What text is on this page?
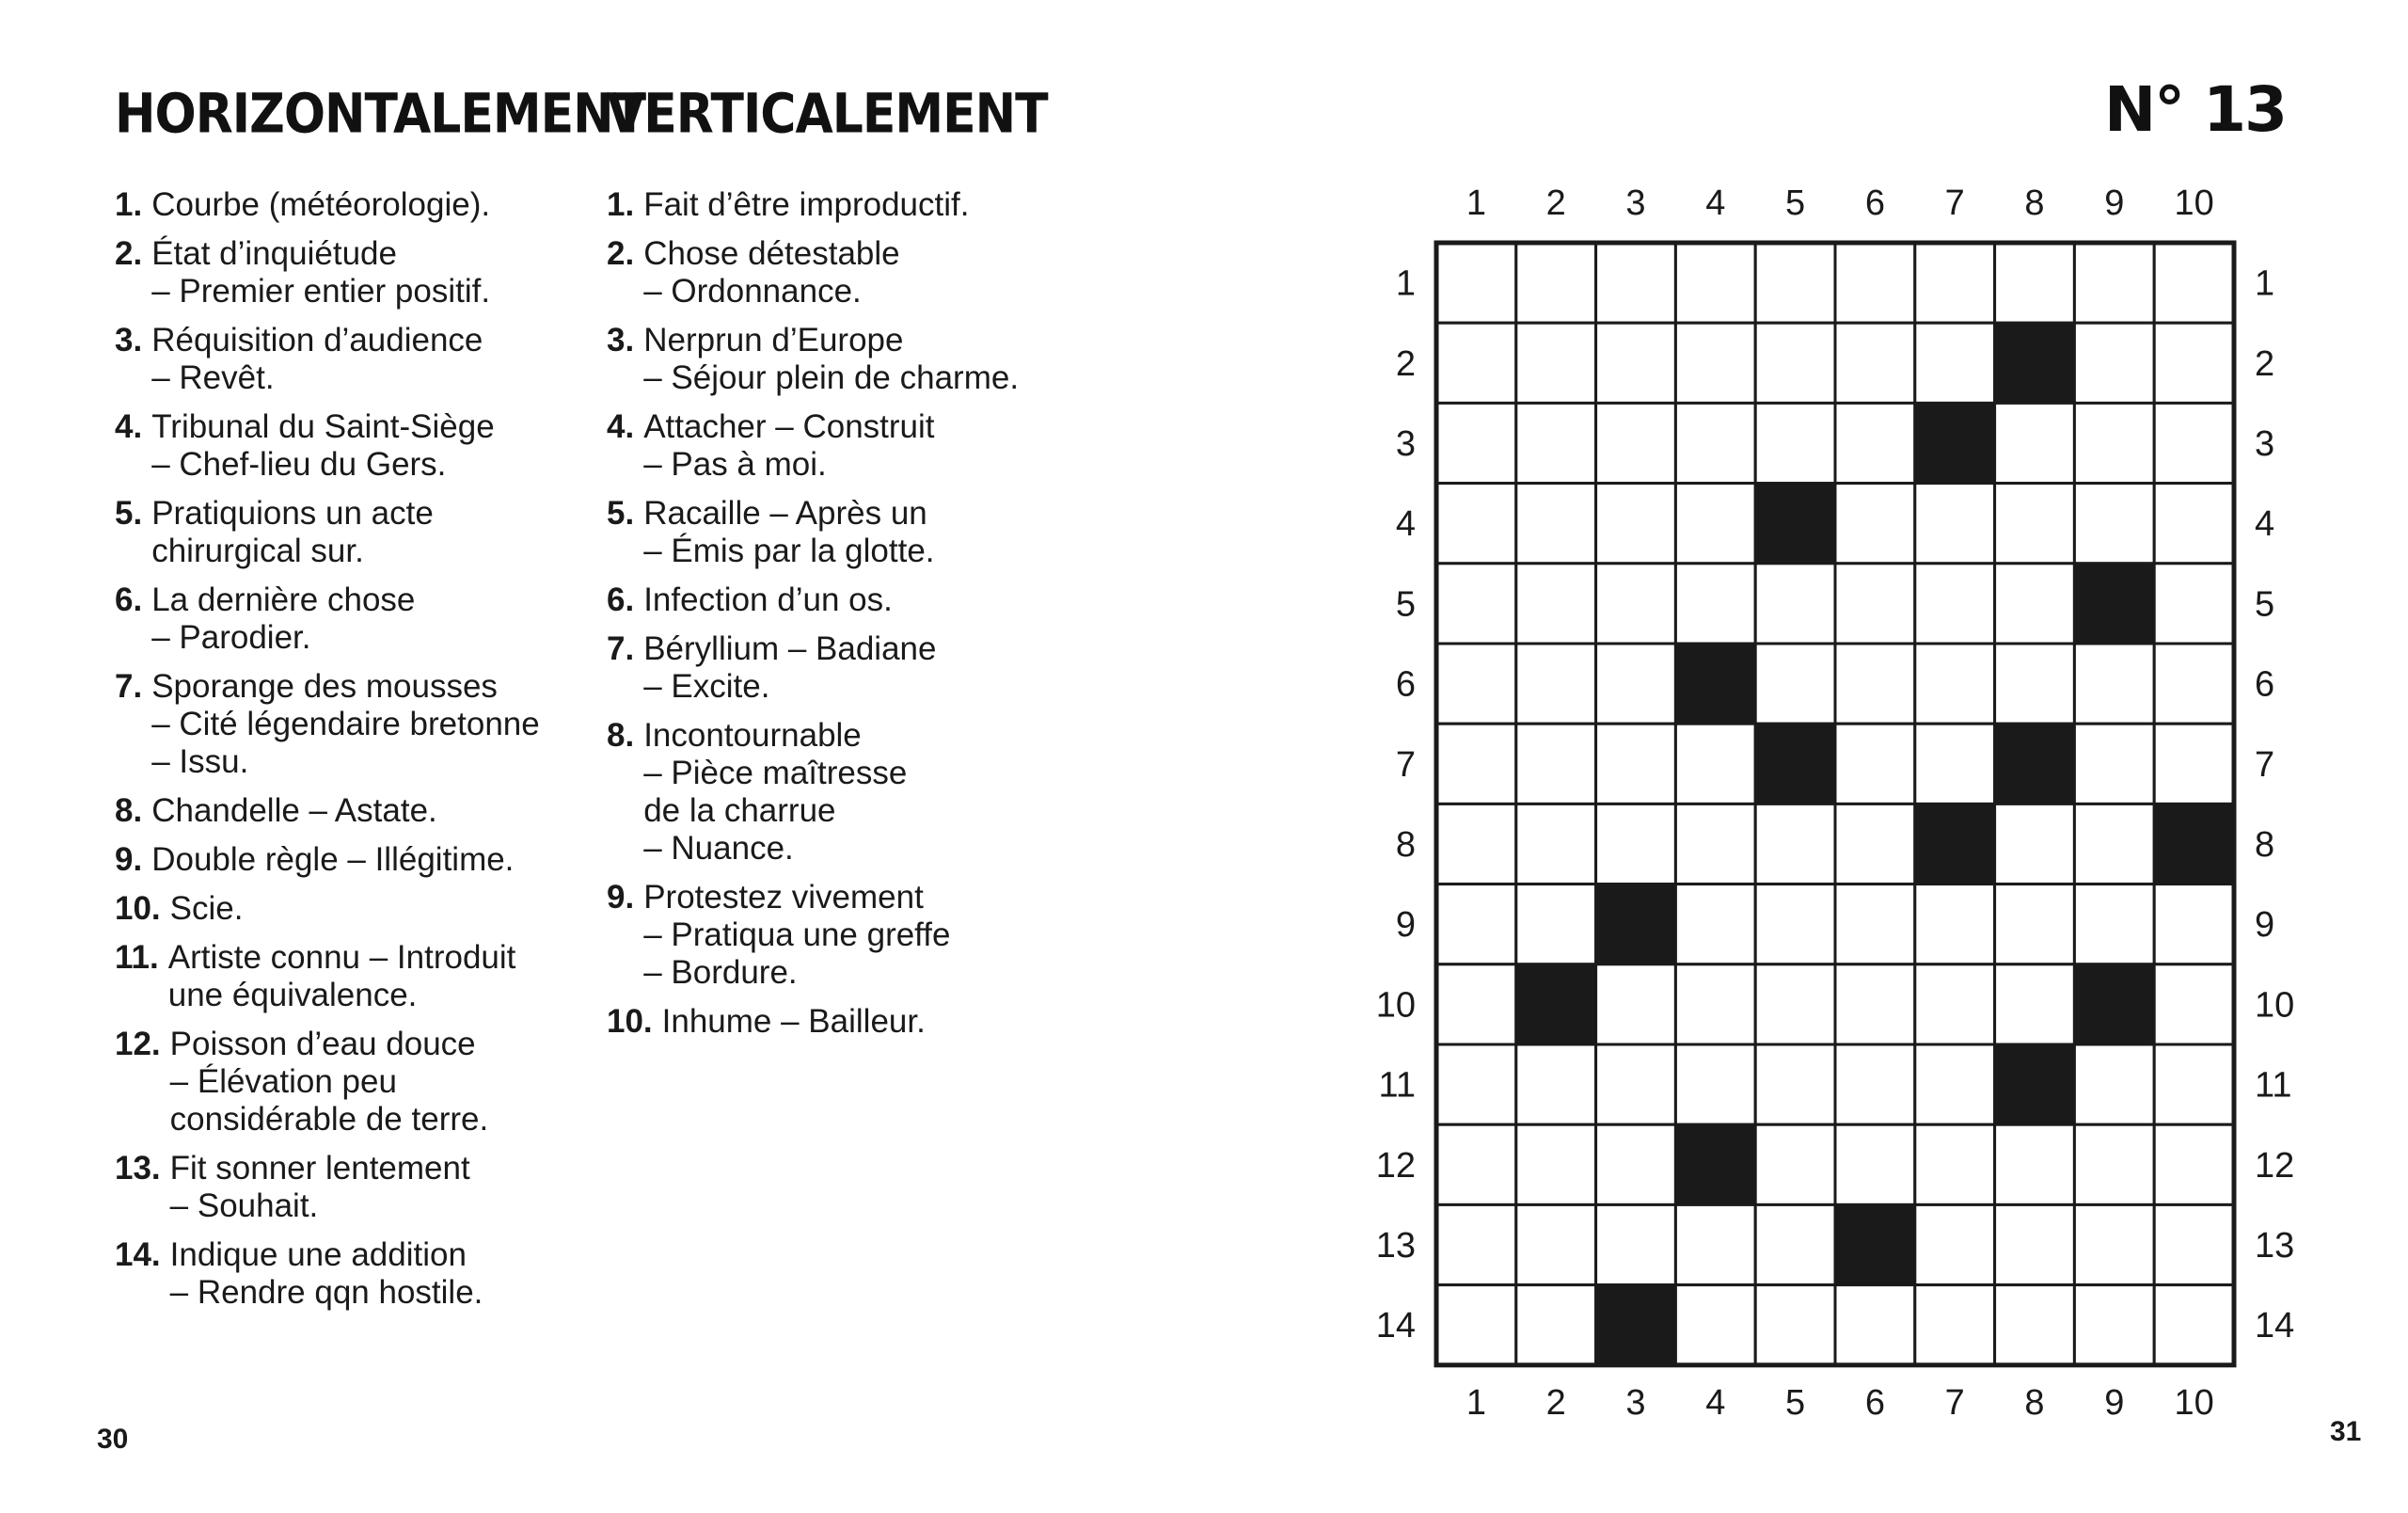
HORIZONTALEMENT
VERTICALEMENT	N° 13
1. Courbe (météorologie).
2. État d’inquiétude
– Premier entier positif.
3. Réquisition d’audience
– Revêt.
4. Tribunal du Saint-Siège
– Chef-lieu du Gers.
5. Pratiquions un acte
chirurgical sur.
6. La dernière chose
– Parodier.
7. Sporange des mousses
– Cité légendaire bretonne
– Issu.
8. Chandelle – Astate.
9. Double règle – Illégitime.
10. Scie.
11. Artiste connu – Introduit
une équivalence.
12. Poisson d’eau douce
– Élévation peu
considérable de terre.
13. Fit sonner lentement
– Souhait.
14. Indique une addition
– Rendre qqn hostile.
1. Fait d’être improductif.
2. Chose détestable
– Ordonnance.
3. Nerprun d’Europe
– Séjour plein de charme.
4. Attacher – Construit
– Pas à moi.
5. Racaille – Après un
– Émis par la glotte.
6. Infection d’un os.
7. Béryllium – Badiane
– Excite.
8. Incontournable
– Pièce maîtresse
de la charrue
– Nuance.
9. Protestez vivement
– Pratiqua une greffe
– Bordure.
10. Inhume – Bailleur.
1
1
2
2
3
3
4
4
5
5
6
6
7
7
8
8
9
9
10
10
1	1
2	2
3	3
4	4
5	5
6	6
7	7
8	8
9	9
10	10
11	11
12	12
13	13
14	14
30	31
